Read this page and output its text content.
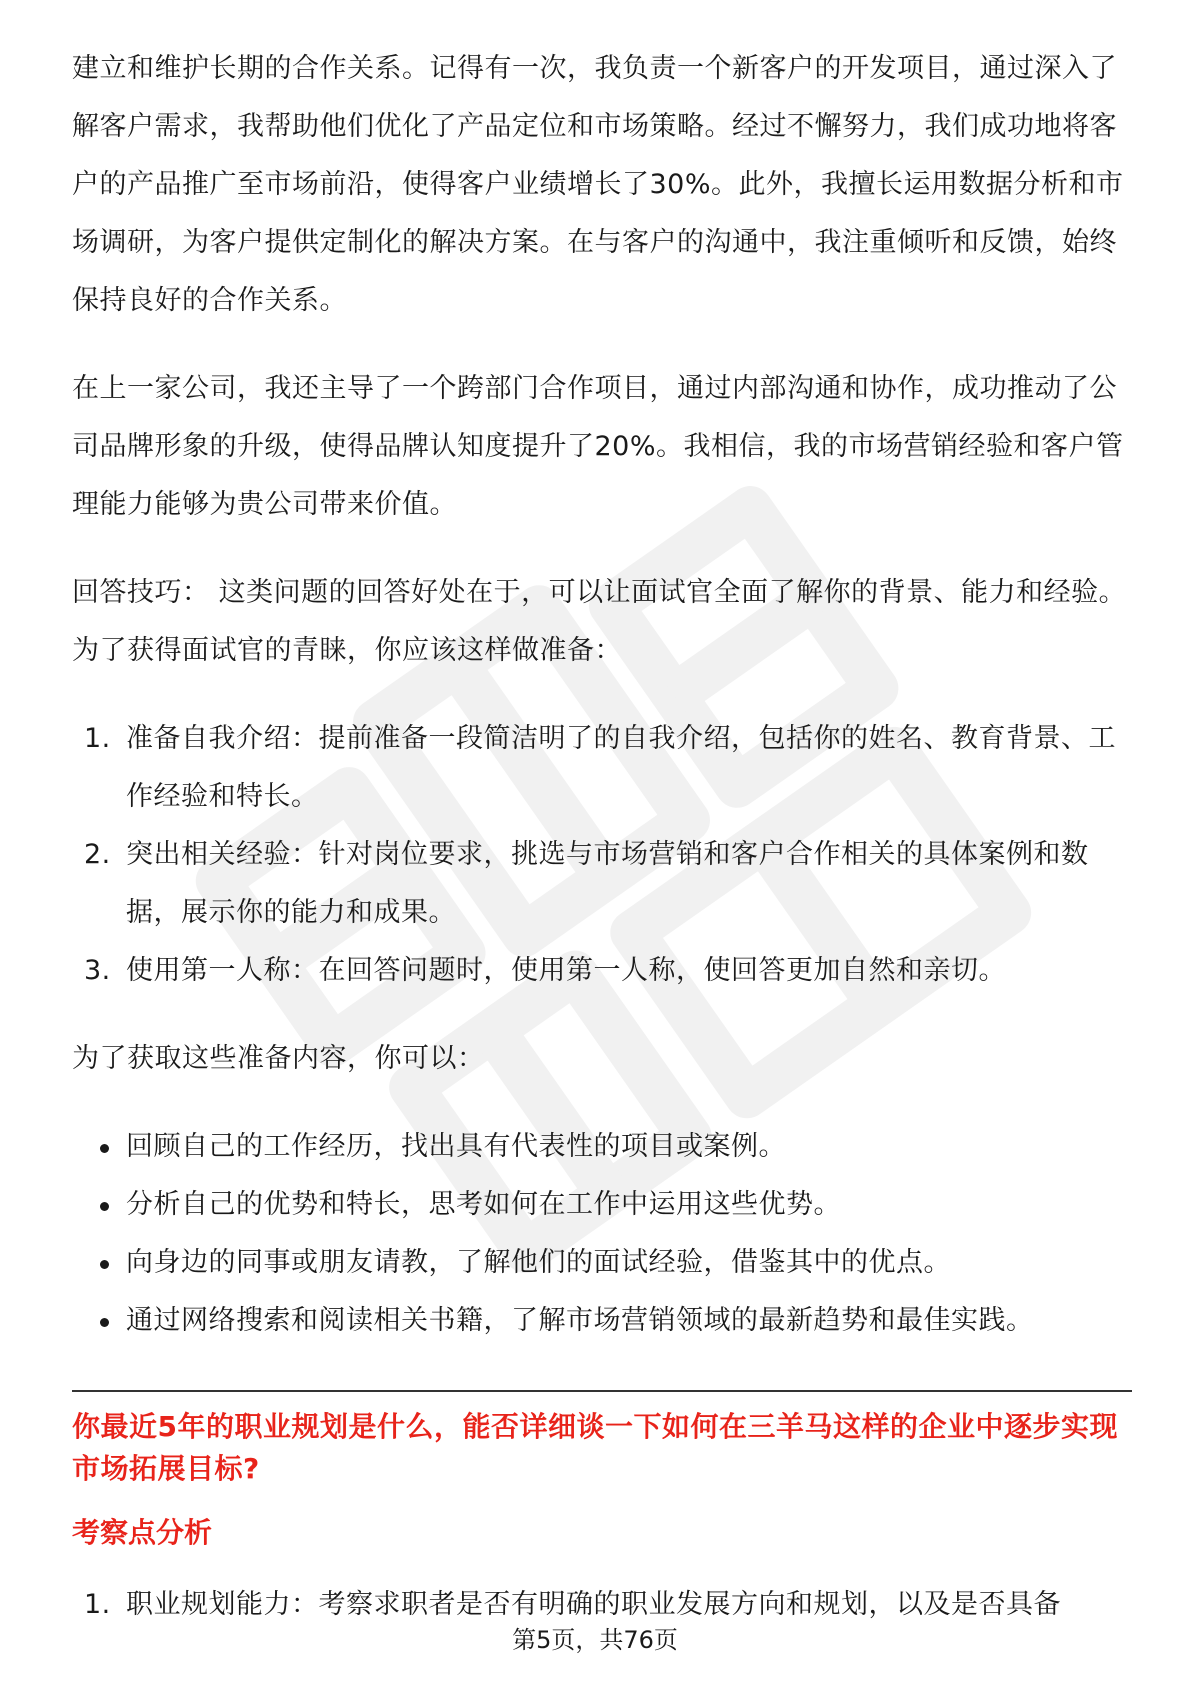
建立和维护长期的合作关系。记得有一次，我负责一个新客户的开发项目，通过深入了解客户需求，我帮助他们优化了产品定位和市场策略。经过不懈努力，我们成功地将客户的产品推广至市场前沿，使得客户业绩增长了30%。此外，我擅长运用数据分析和市场调研，为客户提供定制化的解决方案。在与客户的沟通中，我注重倾听和反馈，始终保持良好的合作关系。

在上一家公司，我还主导了一个跨部门合作项目，通过内部沟通和协作，成功推动了公司品牌形象的升级，使得品牌认知度提升了20%。我相信，我的市场营销经验和客户管理能力能够为贵公司带来价值。

回答技巧： 这类问题的回答好处在于，可以让面试官全面了解你的背景、能力和经验。为了获得面试官的青睐，你应该这样做准备：

1. 准备自我介绍：提前准备一段简洁明了的自我介绍，包括你的姓名、教育背景、工作经验和特长。
2. 突出相关经验：针对岗位要求，挑选与市场营销和客户合作相关的具体案例和数据，展示你的能力和成果。
3. 使用第一人称：在回答问题时，使用第一人称，使回答更加自然和亲切。

为了获取这些准备内容，你可以：

回顾自己的工作经历，找出具有代表性的项目或案例。
分析自己的优势和特长，思考如何在工作中运用这些优势。
向身边的同事或朋友请教，了解他们的面试经验，借鉴其中的优点。
通过网络搜索和阅读相关书籍，了解市场营销领域的最新趋势和最佳实践。
你最近5年的职业规划是什么，能否详细谈一下如何在三羊马这样的企业中逐步实现市场拓展目标?
考察点分析
1. 职业规划能力：考察求职者是否有明确的职业发展方向和规划，以及是否具备
第5页，共76页
